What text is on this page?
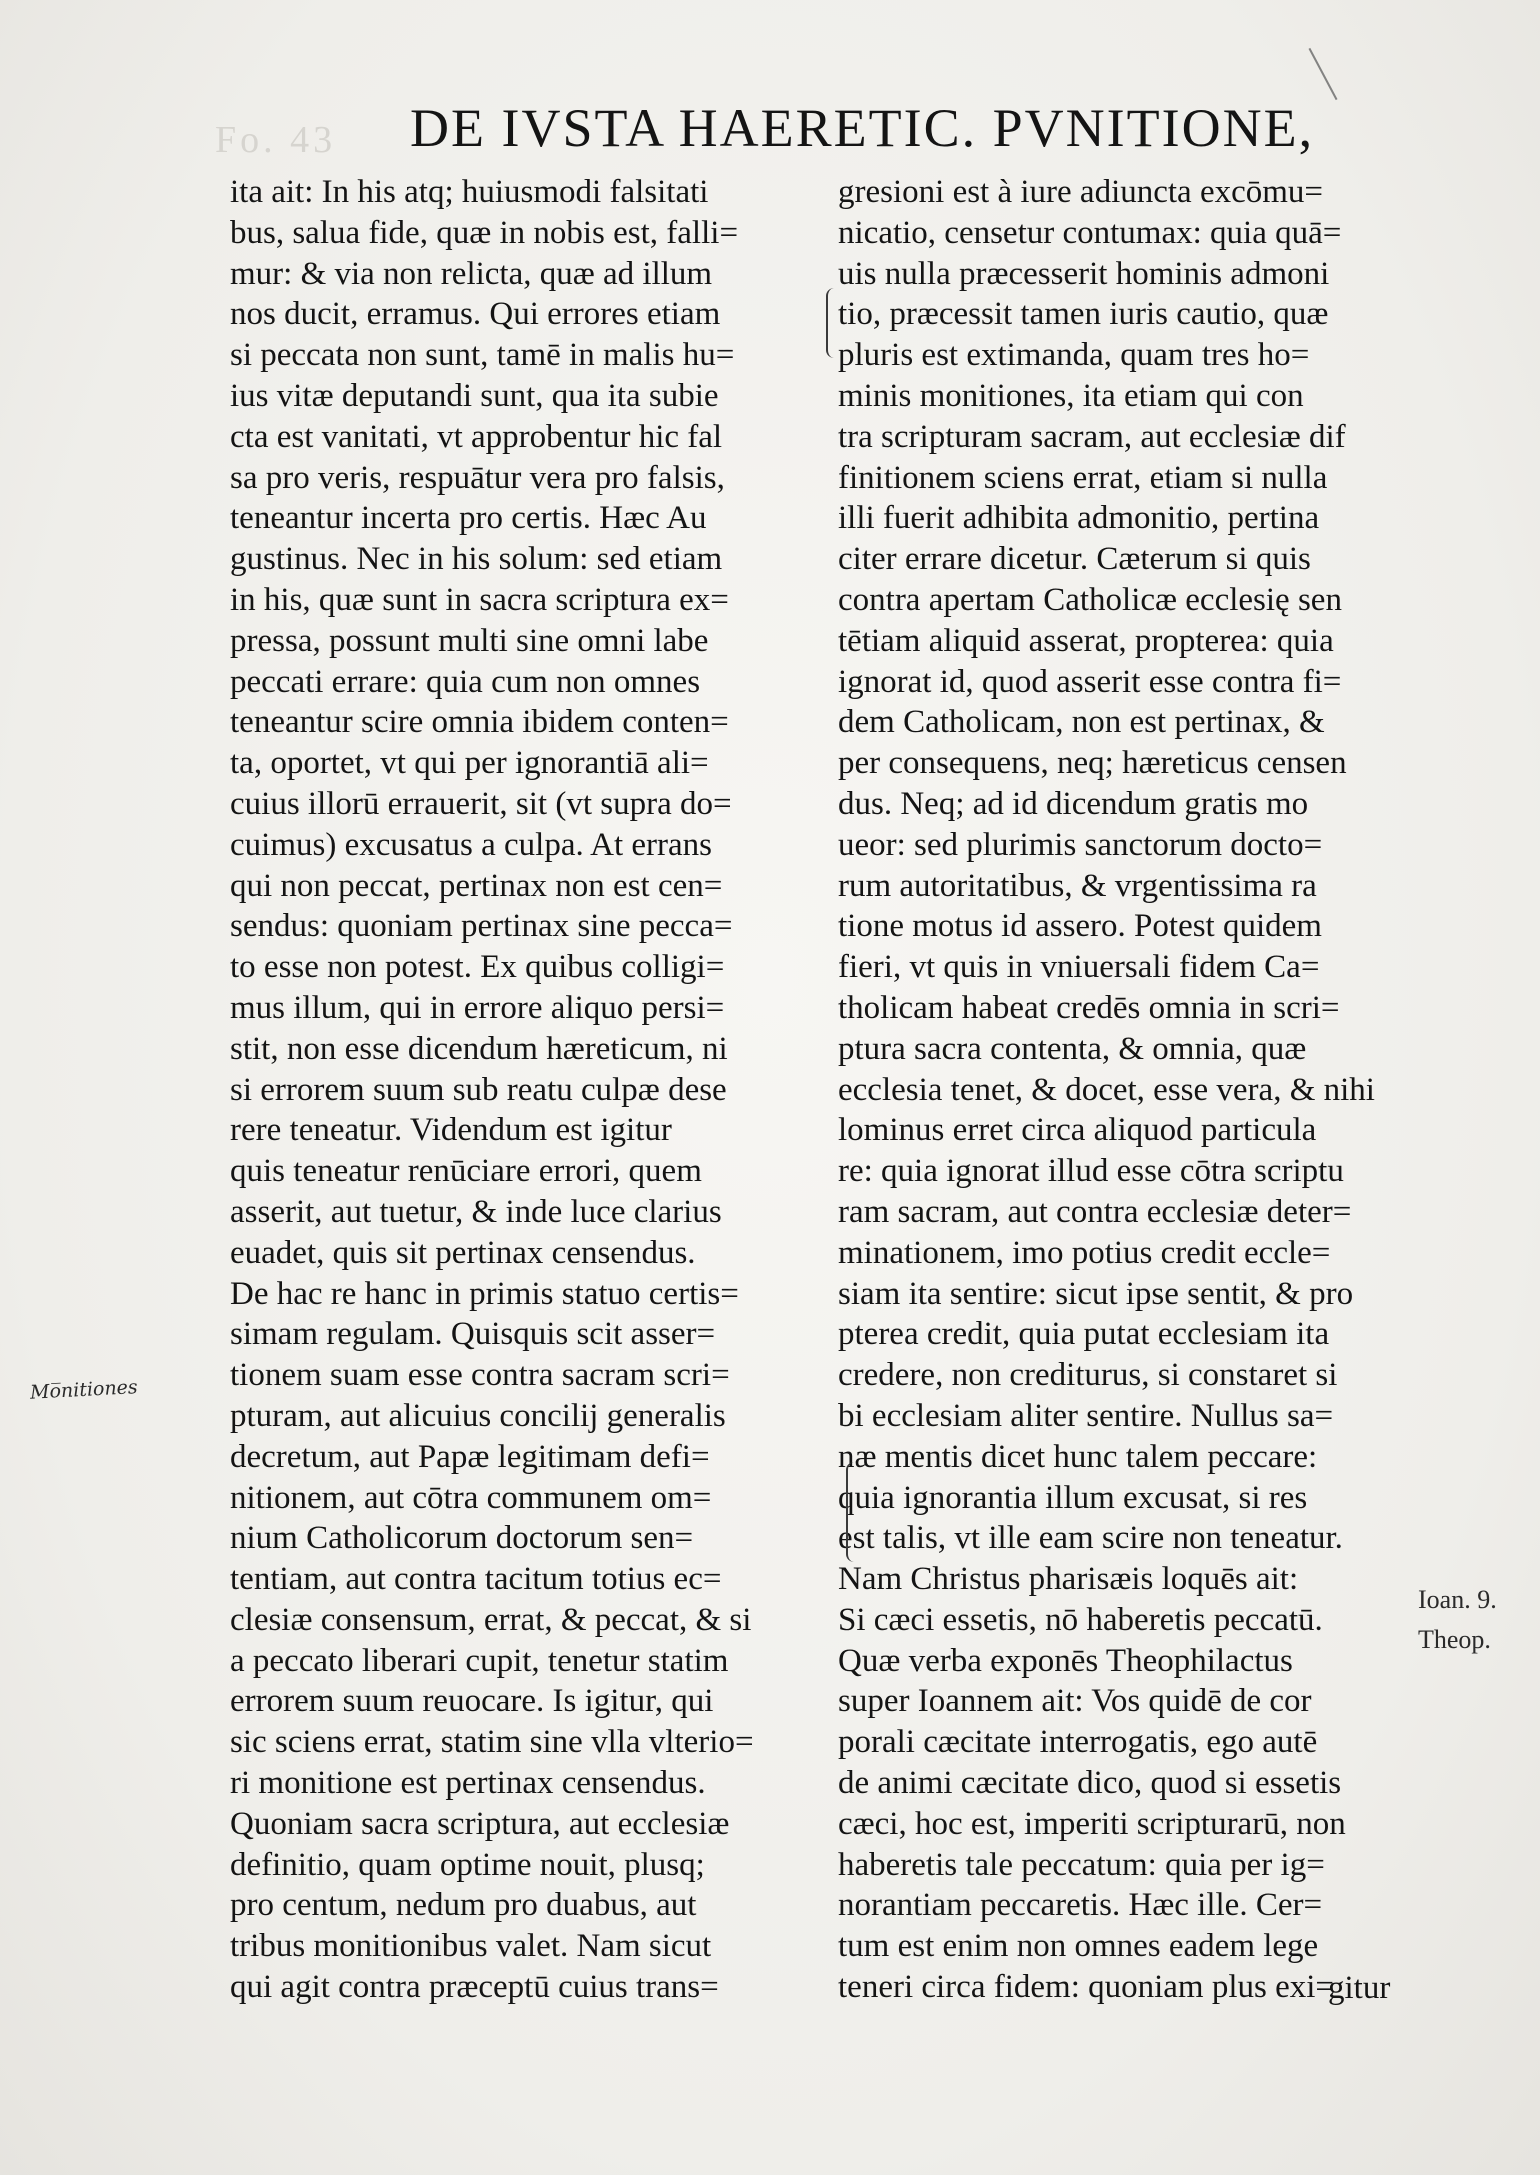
Fo. 43 DE IVSTA HAERETIC. PVNITIONE,
ita ait: In his atq; huiusmodi falsitati
bus, salua fide, quæ in nobis est, falli=
mur: & via non relicta, quæ ad illum
nos ducit, erramus. Qui errores etiam
si peccata non sunt, tamē in malis hu=
ius vitæ deputandi sunt, qua ita subie
cta est vanitati, vt approbentur hic fal
sa pro veris, respuātur vera pro falsis,
teneantur incerta pro certis. Hæc Au
gustinus. Nec in his solum: sed etiam
in his, quæ sunt in sacra scriptura ex=
pressa, possunt multi sine omni labe
peccati errare: quia cum non omnes
teneantur scire omnia ibidem conten=
ta, oportet, vt qui per ignorantiā ali=
cuius illorū errauerit, sit (vt supra do=
cuimus) excusatus a culpa. At errans
qui non peccat, pertinax non est cen=
sendus: quoniam pertinax sine pecca=
to esse non potest. Ex quibus colligi=
mus illum, qui in errore aliquo persi=
stit, non esse dicendum hæreticum, ni
si errorem suum sub reatu culpæ dese
rere teneatur. Videndum est igitur
quis teneatur renūciare errori, quem
asserit, aut tuetur, & inde luce clarius
euadet, quis sit pertinax censendus.
De hac re hanc in primis statuo certis=
simam regulam. Quisquis scit asser=
tionem suam esse contra sacram scri=
pturam, aut alicuius concilij generalis
decretum, aut Papæ legitimam defi=
nitionem, aut cōtra communem om=
nium Catholicorum doctorum sen=
tentiam, aut contra tacitum totius ec=
clesiæ consensum, errat, & peccat, & si
a peccato liberari cupit, tenetur statim
errorem suum reuocare. Is igitur, qui
sic sciens errat, statim sine vlla vlterio=
ri monitione est pertinax censendus.
Quoniam sacra scriptura, aut ecclesiæ
definitio, quam optime nouit, plusq;
pro centum, nedum pro duabus, aut
tribus monitionibus valet. Nam sicut
qui agit contra præceptū cuius trans=
gresioni est à iure adiuncta excōmu=
nicatio, censetur contumax: quia quā=
uis nulla præcesserit hominis admoni
tio, præcessit tamen iuris cautio, quæ
pluris est extimanda, quam tres ho=
minis monitiones, ita etiam qui con
tra scripturam sacram, aut ecclesiæ dif
finitionem sciens errat, etiam si nulla
illi fuerit adhibita admonitio, pertina
citer errare dicetur. Cæterum si quis
contra apertam Catholicæ ecclesię sen
tētiam aliquid asserat, propterea: quia
ignorat id, quod asserit esse contra fi=
dem Catholicam, non est pertinax, &
per consequens, neq; hæreticus censen
dus. Neq; ad id dicendum gratis mo
ueor: sed plurimis sanctorum docto=
rum autoritatibus, & vrgentissima ra
tione motus id assero. Potest quidem
fieri, vt quis in vniuersali fidem Ca=
tholicam habeat credēs omnia in scri=
ptura sacra contenta, & omnia, quæ
ecclesia tenet, & docet, esse vera, & nihi
lominus erret circa aliquod particula
re: quia ignorat illud esse cōtra scriptu
ram sacram, aut contra ecclesiæ deter=
minationem, imo potius credit eccle=
siam ita sentire: sicut ipse sentit, & pro
pterea credit, quia putat ecclesiam ita
credere, non crediturus, si constaret si
bi ecclesiam aliter sentire. Nullus sa=
næ mentis dicet hunc talem peccare:
quia ignorantia illum excusat, si res
est talis, vt ille eam scire non teneatur.
Nam Christus pharisæis loquēs ait:
Si cæci essetis, nō haberetis peccatū.
Quæ verba exponēs Theophilactus
super Ioannem ait: Vos quidē de cor
porali cæcitate interrogatis, ego autē
de animi cæcitate dico, quod si essetis
cæci, hoc est, imperiti scripturarū, non
haberetis tale peccatum: quia per ig=
norantiam peccaretis. Hæc ille. Cer=
tum est enim non omnes eadem lege
teneri circa fidem: quoniam plus exi=
Mo̅nitiones
Ioan. 9.
Theop.
gitur
